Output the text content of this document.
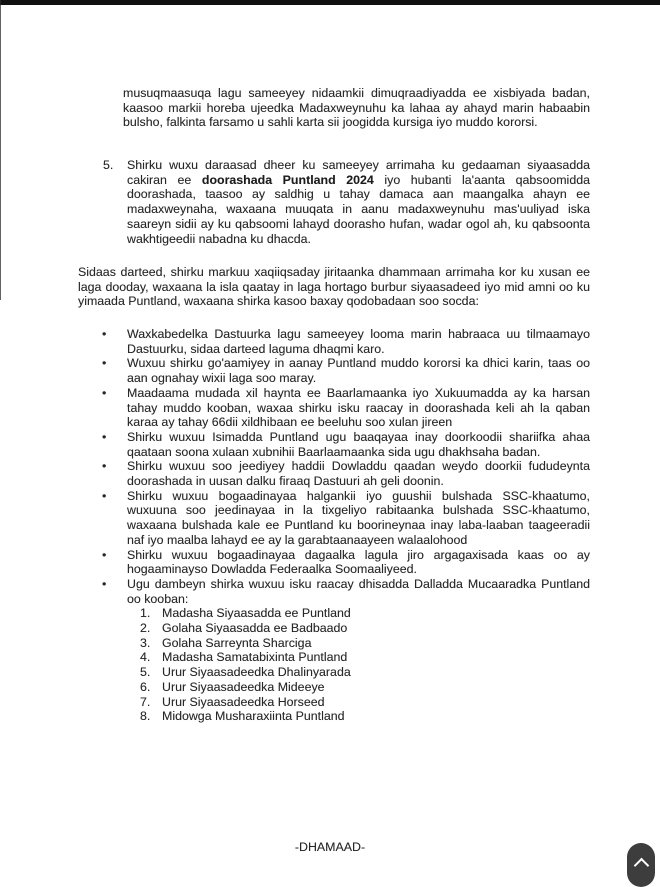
musuqmaasuqa lagu sameeyey nidaamkii dimuqraadiyadda ee xisbiyada badan, kaasoo markii horeba ujeedka Madaxweynuhu ka lahaa ay ahayd marin habaabin bulsho, falkinta farsamo u sahli karta sii joogidda kursiga iyo muddo kororsi.
5.	Shirku wuxu daraasad dheer ku sameeyey arrimaha ku gedaaman siyaasadda cakiran ee doorashada Puntland 2024 iyo hubanti la'aanta qabsoomidda doorashada, taasoo ay saldhig u tahay damaca aan maangalka ahayn ee madaxweynaha, waxaana muuqata in aanu madaxweynuhu mas'uuliyad iska saareyn sidii ay ku qabsoomi lahayd doorasho hufan, wadar ogol ah, ku qabsoonta wakhtigeedii nabadna ku dhacda.
Sidaas darteed, shirku markuu xaqiiqsaday jiritaanka dhammaan arrimaha kor ku xusan ee laga dooday, waxaana la isla qaatay in laga hortago burbur siyaasadeed iyo mid amni oo ku yimaada Puntland, waxaana shirka kasoo baxay qodobadaan soo socda:
•	Waxkabedelka Dastuurka lagu sameeyey looma marin habraaca uu tilmaamayo Dastuurku, sidaa darteed laguma dhaqmi karo.
•	Wuxuu shirku go'aamiyey in aanay Puntland muddo kororsi ka dhici karin, taas oo aan ognahay wixii laga soo maray.
•	Maadaama mudada xil haynta ee Baarlamaanka iyo Xukuumadda ay ka harsan tahay muddo kooban, waxaa shirku isku raacay in doorashada keli ah la qaban karaa ay tahay 66dii xildhibaan ee beeluhu soo xulan jireen
•	Shirku wuxuu Isimadda Puntland ugu baaqayaa inay doorkoodii shariifka ahaa qaataan soona xulaan xubnihii Baarlaamaanka sida ugu dhakhsaha badan.
•	Shirku wuxuu soo jeediyey haddii Dowladdu qaadan weydo doorkii fududeynta doorashada in uusan dalku firaaq Dastuuri ah geli doonin.
•	Shirku wuxuu bogaadinayaa halgankii iyo guushii bulshada SSC-khaatumo, wuxuuna soo jeedinayaa in la tixgeliyo rabitaanka bulshada SSC-khaatumo, waxaana bulshada kale ee Puntland ku boorineynaa inay laba-laaban taageeradii naf iyo maalba lahayd ee ay la garabtaanaayeen walaalohood
•	Shirku wuxuu bogaadinayaa dagaalka lagula jiro argagaxisada kaas oo ay hogaaminayso Dowladda Federaalka Soomaaliyeed.
•	Ugu dambeyn shirka wuxuu isku raacay dhisadda Dalladda Mucaaradka Puntland oo kooban:
1. Madasha Siyaasadda ee Puntland
2. Golaha Siyaasadda ee Badbaado
3. Golaha Sarreynta Sharciga
4. Madasha Samatabixinta Puntland
5. Urur Siyaasadeedka Dhalinyarada
6. Urur Siyaasadeedka Mideeye
7. Urur Siyaasadeedka Horseed
8. Midowga Musharaxiinta Puntland
-DHAMAAD-
